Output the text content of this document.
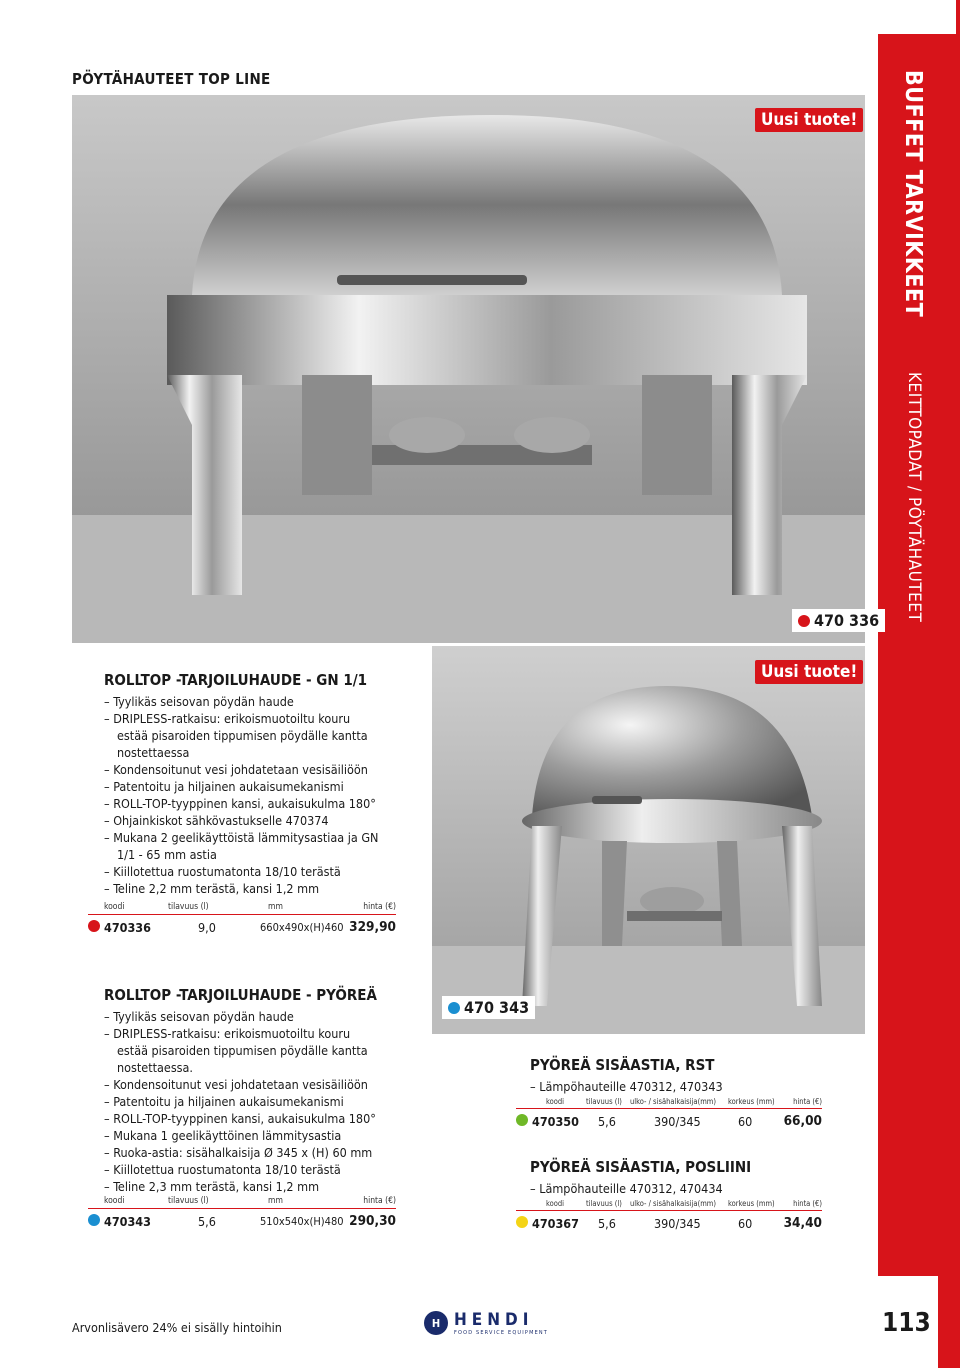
PÖYTÄHAUTEET TOP LINE	BUFFET TARVIKKEET
KEITTOPADAT / PÖYTÄHAUTEET
113
Uusi tuote!
470 336
Uusi tuote!
470 343
ROLLTOP -TARJOILUHAUDE - GN 1/1
– Tyylikäs seisovan pöydän haude
– DRIPLESS-ratkaisu: erikoismuotoiltu kouru
estää pisaroiden tippumisen pöydälle kantta
nostettaessa
– Kondensoitunut vesi johdatetaan vesisäiliöön
– Patentoitu ja hiljainen aukaisumekanismi
– ROLL-TOP-tyyppinen kansi, aukaisukulma 180°
– Ohjainkiskot sähkövastukselle 470374
– Mukana 2 geelikäyttöistä lämmitysastiaa ja GN
1/1 - 65 mm astia
– Kiillotettua ruostumatonta 18/10 terästä
– Teline 2,2 mm terästä, kansi 1,2 mm
koodi	tilavuus (l)	mm	hinta (€)
470336	9,0	660x490x(H)460 329,90
ROLLTOP -TARJOILUHAUDE - PYÖREÄ
– Tyylikäs seisovan pöydän haude
– DRIPLESS-ratkaisu: erikoismuotoiltu kouru
estää pisaroiden tippumisen pöydälle kantta
nostettaessa.
– Kondensoitunut vesi johdatetaan vesisäiliöön
– Patentoitu ja hiljainen aukaisumekanismi
– ROLL-TOP-tyyppinen kansi, aukaisukulma 180°
– Mukana 1 geelikäyttöinen lämmitysastia
– Ruoka-astia: sisähalkaisija Ø 345 x (H) 60 mm
– Kiillotettua ruostumatonta 18/10 terästä
– Teline 2,3 mm terästä, kansi 1,2 mm
koodi	tilavuus (l)	mm	hinta (€)
470343	5,6	510x540x(H)480 290,30
PYÖREÄ SISÄASTIA, RST
– Lämpöhauteille 470312, 470343
koodi	tilavuus (l)	ulko- / sisähalkaisija(mm)	korkeus (mm)	hinta (€)
470350	5,6	390/345	60	66,00
PYÖREÄ SISÄASTIA, POSLIINI
– Lämpöhauteille 470312, 470434
koodi	tilavuus (l)	ulko- / sisähalkaisija(mm)	korkeus (mm)	hinta (€)
470367	5,6	390/345	60	34,40
Arvonlisävero 24% ei sisälly hintoihin	H HENDI
FOOD SERVICE EQUIPMENT
